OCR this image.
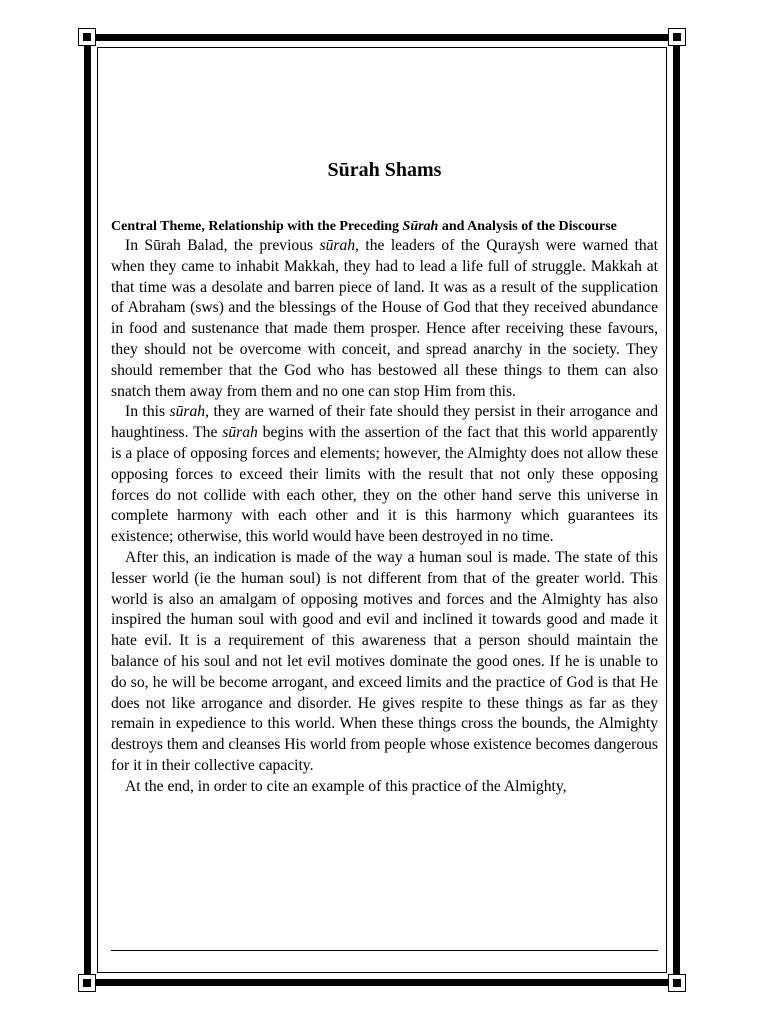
Sūrah Shams

Central Theme, Relationship with the Preceding Sūrah and Analysis of the Discourse

In Sūrah Balad, the previous sūrah, the leaders of the Quraysh were warned that when they came to inhabit Makkah, they had to lead a life full of struggle. Makkah at that time was a desolate and barren piece of land. It was as a result of the supplication of Abraham (sws) and the blessings of the House of God that they received abundance in food and sustenance that made them prosper. Hence after receiving these favours, they should not be overcome with conceit, and spread anarchy in the society. They should remember that the God who has bestowed all these things to them can also snatch them away from them and no one can stop Him from this.

In this sūrah, they are warned of their fate should they persist in their arrogance and haughtiness. The sūrah begins with the assertion of the fact that this world apparently is a place of opposing forces and elements; however, the Almighty does not allow these opposing forces to exceed their limits with the result that not only these opposing forces do not collide with each other, they on the other hand serve this universe in complete harmony with each other and it is this harmony which guarantees its existence; otherwise, this world would have been destroyed in no time.

After this, an indication is made of the way a human soul is made. The state of this lesser world (ie the human soul) is not different from that of the greater world. This world is also an amalgam of opposing motives and forces and the Almighty has also inspired the human soul with good and evil and inclined it towards good and made it hate evil. It is a requirement of this awareness that a person should maintain the balance of his soul and not let evil motives dominate the good ones. If he is unable to do so, he will be become arrogant, and exceed limits and the practice of God is that He does not like arrogance and disorder. He gives respite to these things as far as they remain in expedience to this world. When these things cross the bounds, the Almighty destroys them and cleanses His world from people whose existence becomes dangerous for it in their collective capacity.

At the end, in order to cite an example of this practice of the Almighty,
